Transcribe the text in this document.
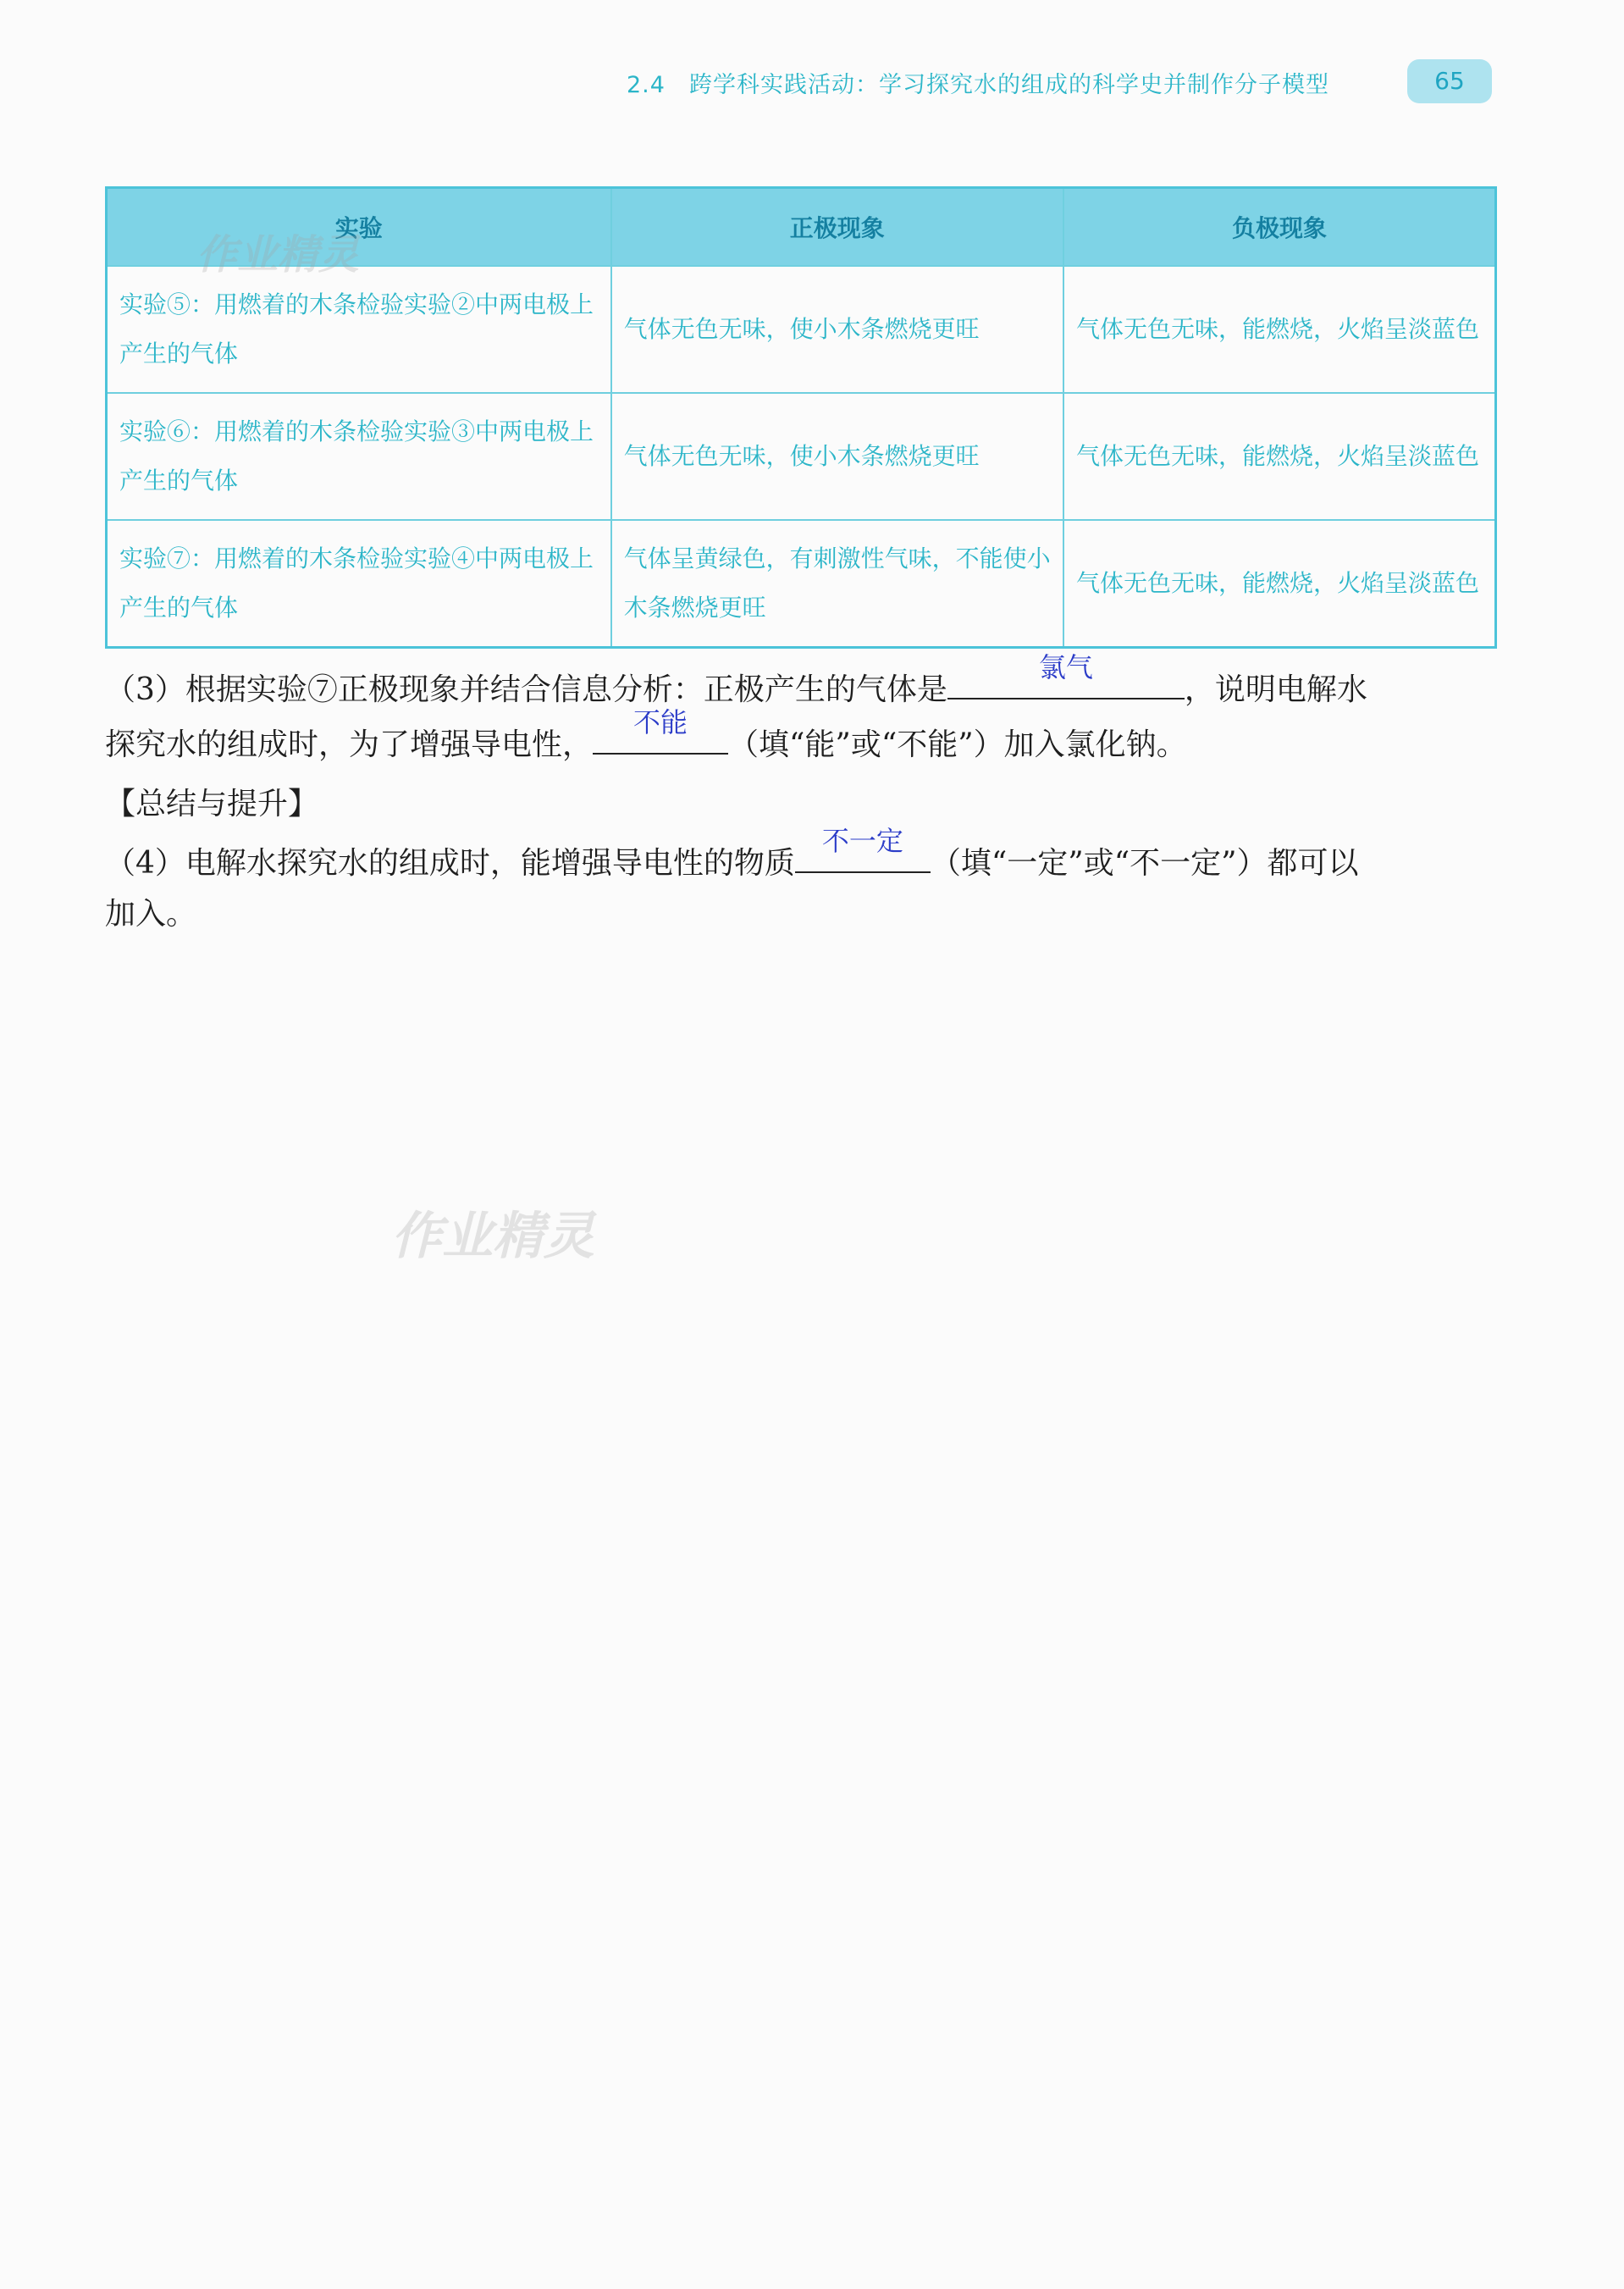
2.4 跨学科实践活动：学习探究水的组成的科学史并制作分子模型	65
实验	正极现象	负极现象
实验⑤：用燃着的木条检验实验②中两电极上产生的气体	气体无色无味，使小木条燃烧更旺	气体无色无味，能燃烧，火焰呈淡蓝色
实验⑥：用燃着的木条检验实验③中两电极上产生的气体	气体无色无味，使小木条燃烧更旺	气体无色无味，能燃烧，火焰呈淡蓝色
实验⑦：用燃着的木条检验实验④中两电极上产生的气体	气体呈黄绿色，有刺激性气味，不能使小木条燃烧更旺	气体无色无味，能燃烧，火焰呈淡蓝色
（3）根据实验⑦正极现象并结合信息分析：正极产生的气体是
氯气
，说明电解水
探究水的组成时，为了增强导电性，
不能
（填“能”或“不能”）加入氯化钠。
【总结与提升】
（4）电解水探究水的组成时，能增强导电性的物质
不一定
（填“一定”或“不一定”）都可以
加入。
作业精灵
作业精灵
